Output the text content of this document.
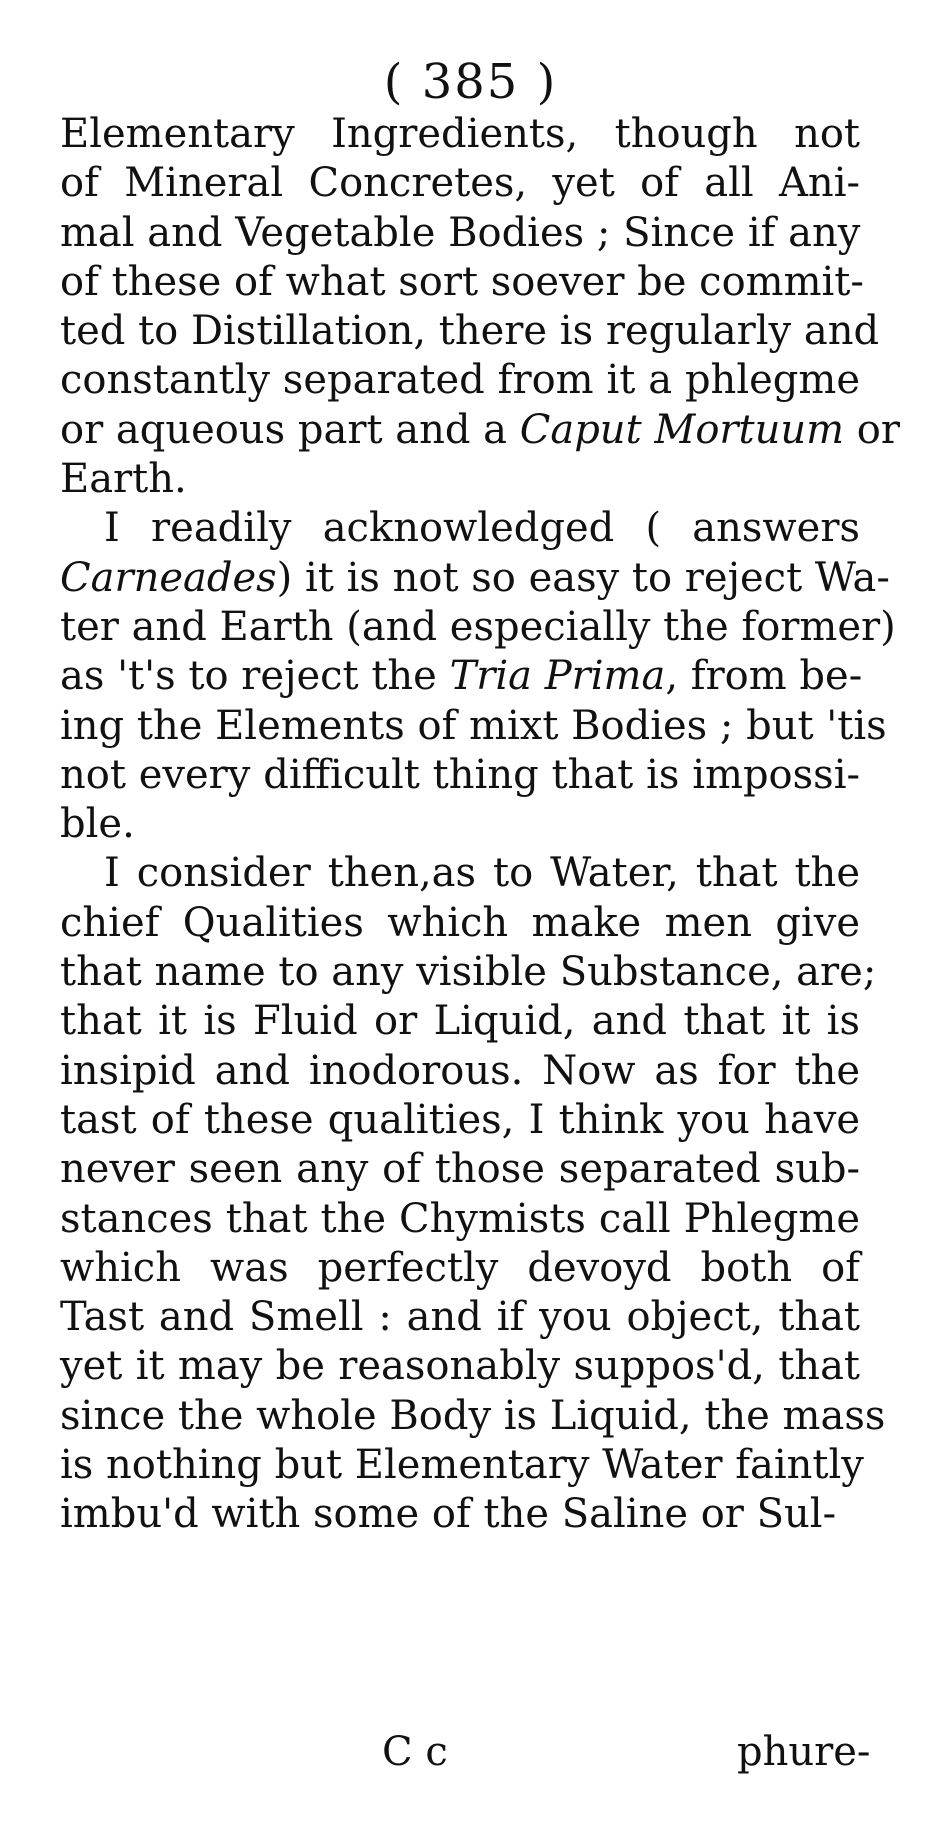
( 385 )
Elementary Ingredients, though not
of Mineral Concretes, yet of all Ani-
mal and Vegetable Bodies ; Since if any
of these of what sort soever be commit-
ted to Distillation, there is regularly and
constantly separated from it a phlegme
or aqueous part and a Caput Mortuum or
Earth.
I readily acknowledged ( answers
Carneades) it is not so easy to reject Wa-
ter and Earth (and especially the former)
as 't's to reject the Tria Prima, from be-
ing the Elements of mixt Bodies ; but 'tis
not every difficult thing that is impossi-
ble.
I consider then,as to Water, that the
chief Qualities which make men give
that name to any visible Substance, are;
that it is Fluid or Liquid, and that it is
insipid and inodorous. Now as for the
tast of these qualities, I think you have
never seen any of those separated sub-
stances that the Chymists call Phlegme
which was perfectly devoyd both of
Tast and Smell : and if you object, that
yet it may be reasonably suppos'd, that
since the whole Body is Liquid, the mass
is nothing but Elementary Water faintly
imbu'd with some of the Saline or Sul-
C c	phure-
